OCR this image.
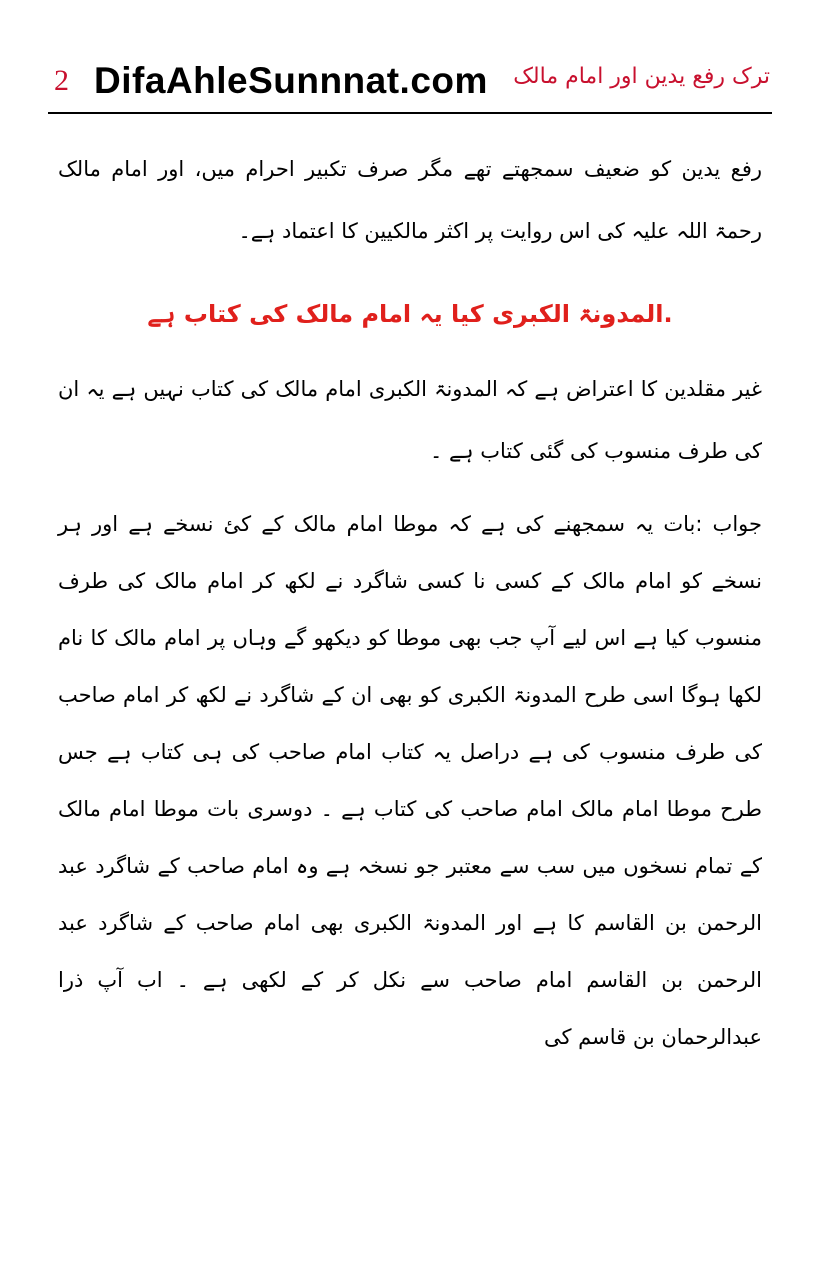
2 DifaAhleSunnnat.com ترک رفع یدین اور امام مالک

رفع یدین کو ضعیف سمجھتے تھے مگر صرف تکبیر احرام میں، اور امام مالک رحمۃ اللہ علیہ کی اس روایت پر اکثر مالکیین کا اعتماد ہے۔

.المدونۃ الکبری کیا یہ امام مالک کی کتاب ہے

غیر مقلدین کا اعتراض ہے کہ المدونۃ الکبری امام مالک کی کتاب نہیں ہے یہ ان کی طرف منسوب کی گئی کتاب ہے ۔

جواب :بات یہ سمجھنے کی ہے کہ موطا امام مالک کے کئ نسخے ہے اور ہر نسخے کو امام مالک کے کسی نا کسی شاگرد نے لکھ کر امام مالک کی طرف منسوب کیا ہے اس لیے آپ جب بھی موطا کو دیکھو گے وہاں پر امام مالک کا نام لکھا ہوگا اسی طرح المدونۃ الکبری کو بھی ان کے شاگرد نے لکھ کر امام صاحب کی طرف منسوب کی ہے دراصل یہ کتاب امام صاحب کی ہی کتاب ہے جس طرح موطا امام مالک امام صاحب کی کتاب ہے ۔ دوسری بات موطا امام مالک کے تمام نسخوں میں سب سے معتبر جو نسخہ ہے وہ امام صاحب کے شاگرد عبد الرحمن بن القاسم کا ہے اور المدونۃ الکبری بھی امام صاحب کے شاگرد عبد الرحمن بن القاسم امام صاحب سے نکل کر کے لکھی ہے ۔ اب آپ ذرا عبدالرحمان بن قاسم کی
